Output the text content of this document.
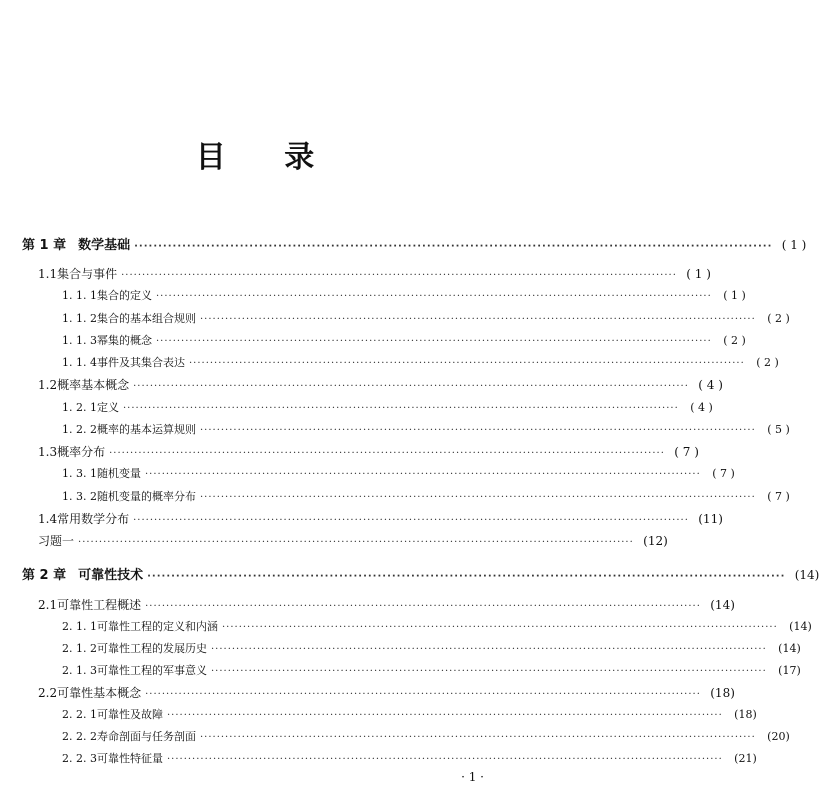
目 录
第 1 章 数学基础 ····································································································································· ( 1 )
1.1 集合与事件 ····································································································································· ( 1 )
1. 1. 1 集合的定义 ·····································································································································	( 1 )
1. 1. 2 集合的基本组合规则 ·····································································································································	( 2 )
1. 1. 3 幂集的概念 ·····································································································································	( 2 )
1. 1. 4 事件及其集合表达 ·····································································································································	( 2 )
1.2 概率基本概念 ····································································································································· ( 4 )
1. 2. 1 定义 ·····································································································································	( 4 )
1. 2. 2 概率的基本运算规则 ·····································································································································	( 5 )
1.3 概率分布 ····································································································································· ( 7 )
1. 3. 1 随机变量 ·····································································································································	( 7 )
1. 3. 2 随机变量的概率分布 ·····································································································································	( 7 )
1.4 常用数学分布 ····································································································································· (11)
习题一 ····································································································································· (12)
第 2 章 可靠性技术 ····································································································································· (14)
2.1 可靠性工程概述 ····································································································································· (14)
2. 1. 1 可靠性工程的定义和内涵 ·····································································································································	(14)
2. 1. 2 可靠性工程的发展历史 ·····································································································································	(14)
2. 1. 3 可靠性工程的军事意义 ·····································································································································	(17)
2.2 可靠性基本概念 ····································································································································· (18)
2. 2. 1 可靠性及故障 ·····································································································································	(18)
2. 2. 2 寿命剖面与任务剖面 ·····································································································································	(20)
2. 2. 3 可靠性特征量 ·····································································································································	(21)
· 1 ·
